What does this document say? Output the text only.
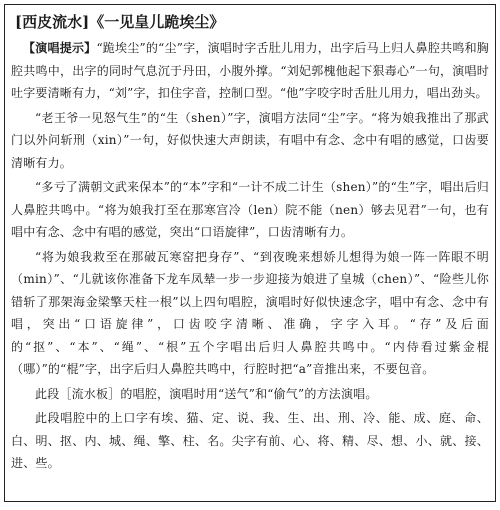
[西皮流水]《一见皇儿跪埃尘》

【演唱提示】“跪埃尘”的“尘”字，演唱时字舌肚儿用力，出字后马上归人鼻腔共鸣和胸腔共鸣中，出字的同时气息沉于丹田，小腹外撑。“刘妃郭槐他起下狠毒心”一句，演唱时吐字要清晰有力，“刘”字，扣住字音，控制口型。“他”字咬字时舌肚儿用力，唱出劲头。

“老王爷一见怒气生”的“生（shen）”字，演唱方法同“尘”字。“将为娘我推出了那武门以外问斩刑（xin）”一句，好似快速大声朗读，有唱中有念、念中有唱的感觉，口齿要清晰有力。

“多亏了满朝文武来保本”的“本”字和“一计不成二计生（shen）”的“生”字，唱出后归人鼻腔共鸣中。“将为娘我打至在那寒宫冷（len）院不能（nen）够去见君”一句，也有唱中有念、念中有唱的感觉，突出“口语旋律”，口齿清晰有力。

“将为娘我救至在那破瓦寒窑把身存”、“到夜晚来想娇儿想得为娘一阵一阵眼不明（min）”、“儿就该你准备下龙车凤辇一步一步迎接为娘进了皇城（chen）”、“险些儿你错斩了那架海金梁擎天柱一根”以上四句唱腔，演唱时好似快速念字，唱中有念、念中有唱，突出“口语旋律”，口齿咬字清晰、准确，字字入耳。“存”及后面的“抠”、“本”、“绳”、“根”五个字唱出后归人鼻腔共鸣中。“内侍看过紫金棍（哪）”的“棍”字，出字后归人鼻腔共鸣中，行腔时把“a”音推出来，不要包音。

此段［流水板］的唱腔，演唱时用“送气”和“偷气”的方法演唱。

此段唱腔中的上口字有埃、猫、定、说、我、生、出、刑、冷、能、成、庭、命、白、明、抠、内、城、绳、擎、柱、名。尖字有前、心、将、精、尽、想、小、就、接、进、些。
